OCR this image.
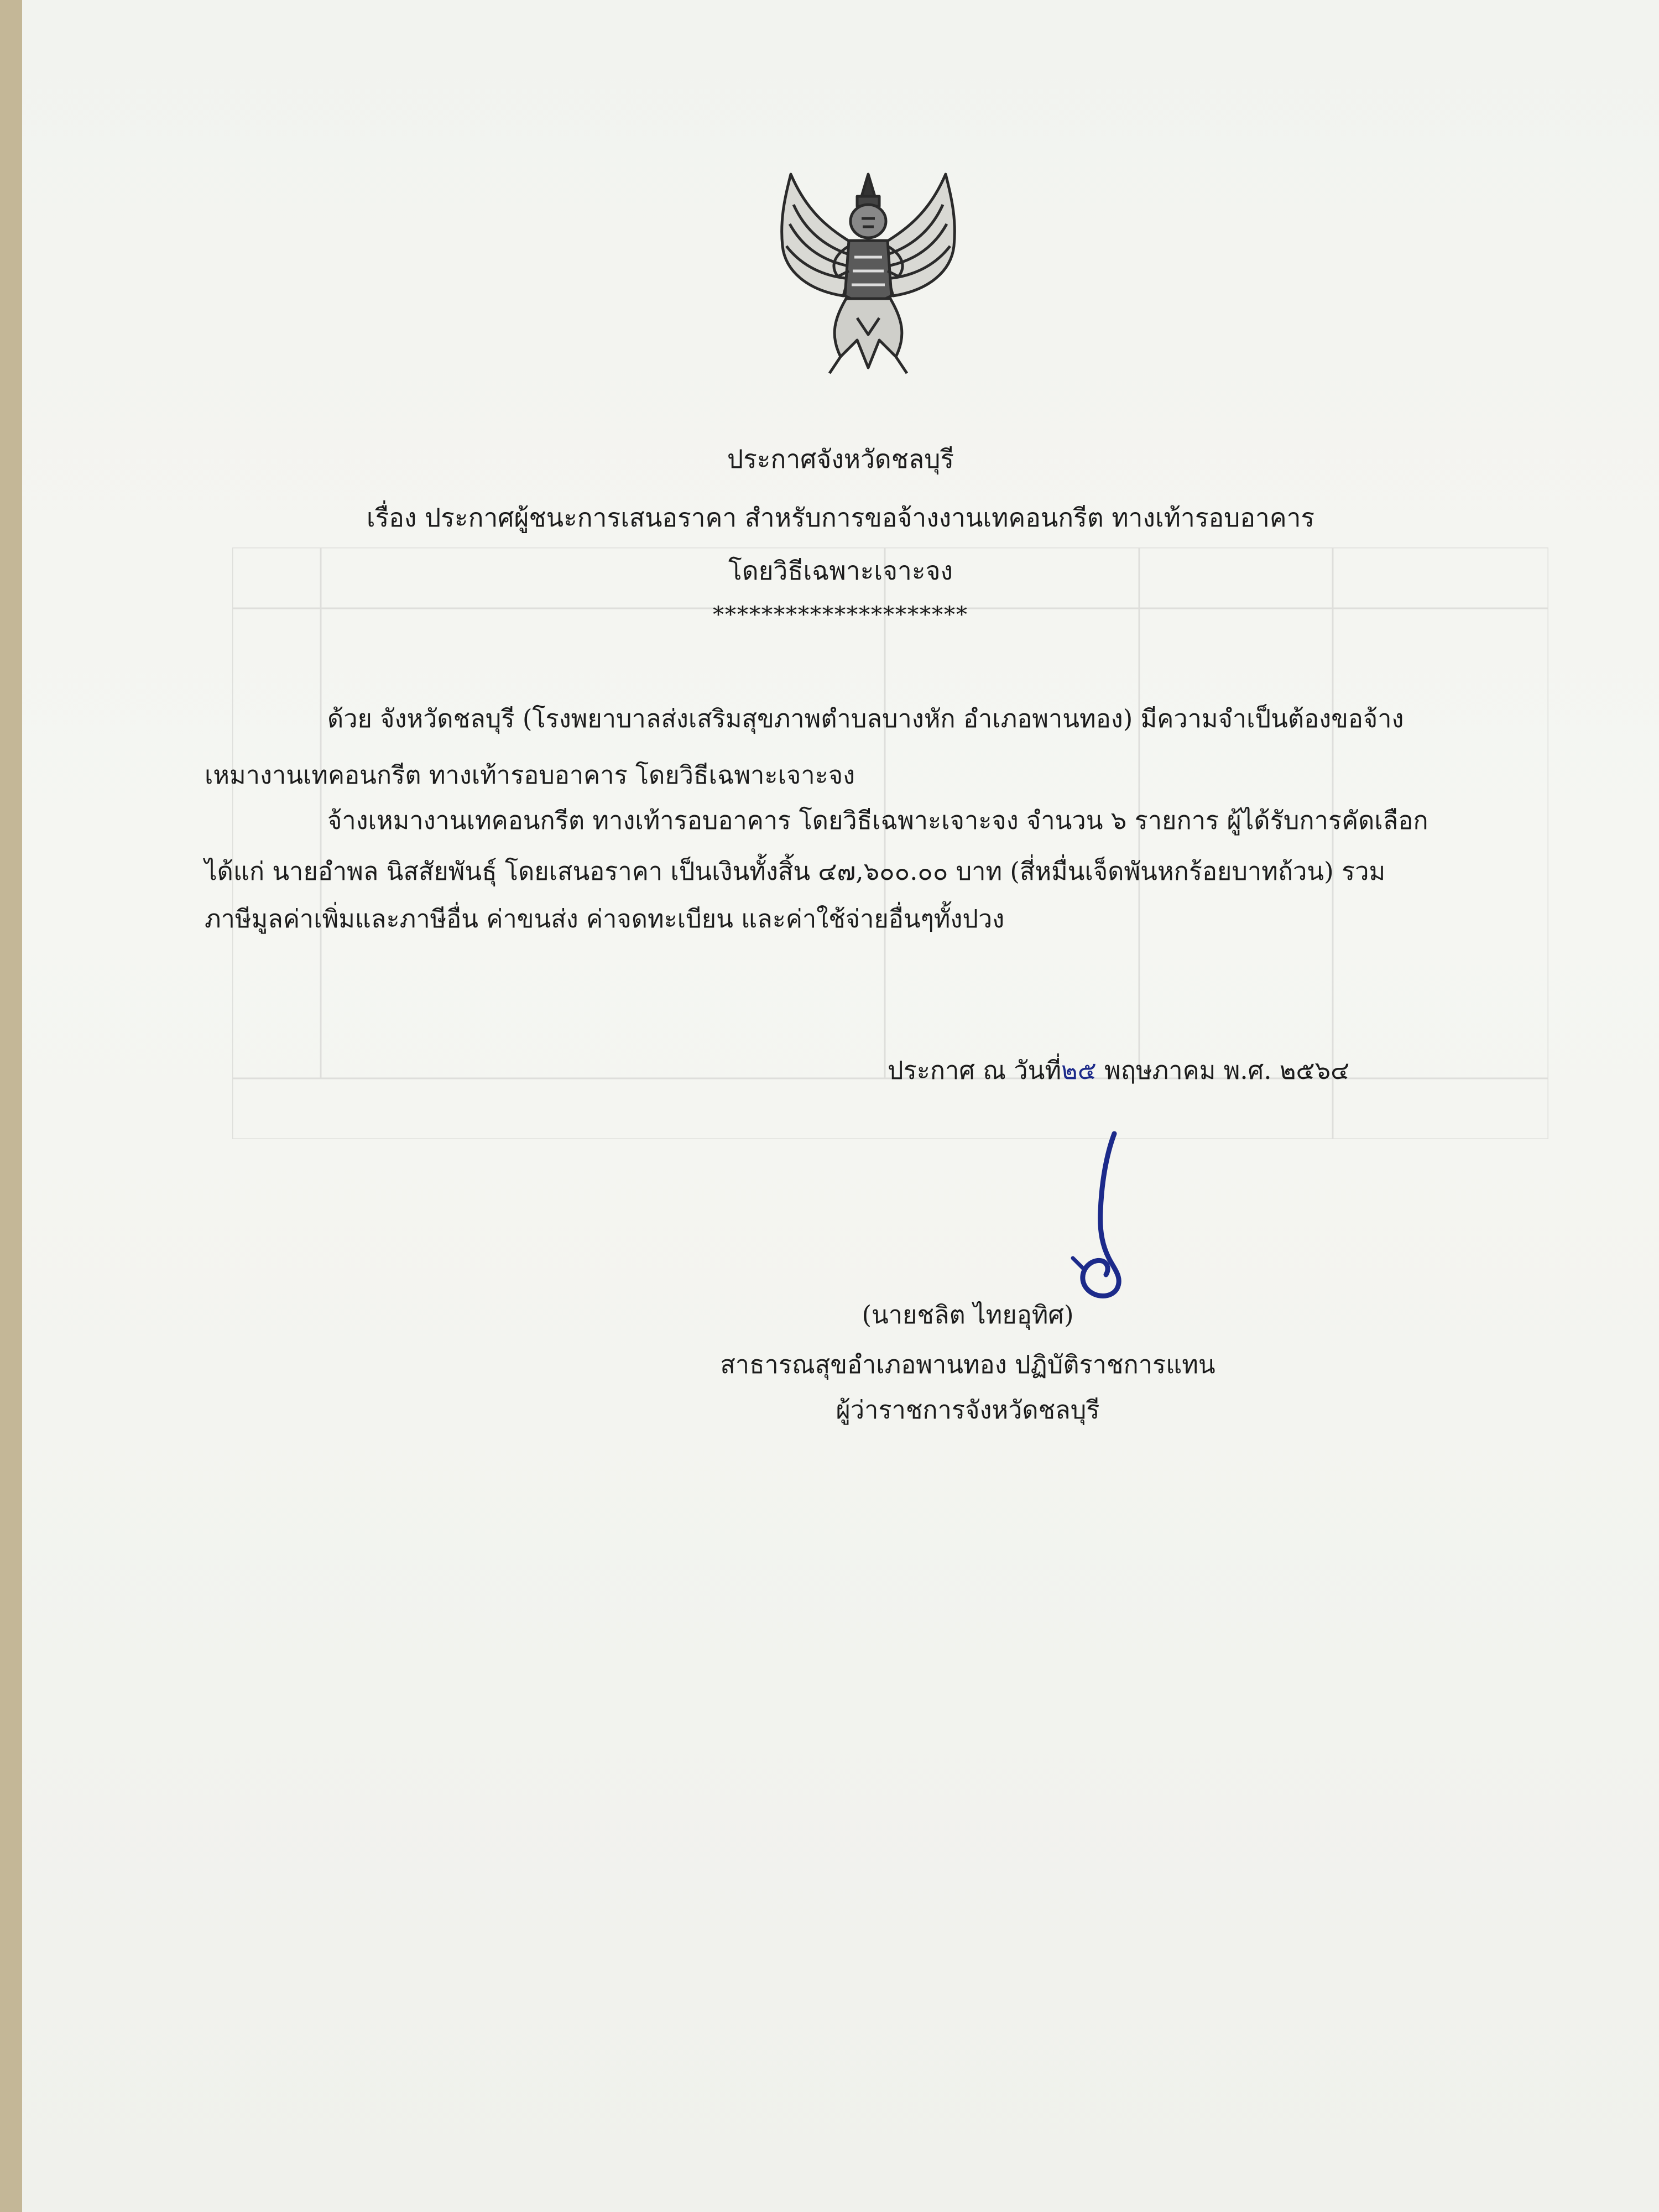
ประกาศจังหวัดชลบุรี
เรื่อง ประกาศผู้ชนะการเสนอราคา สำหรับการขอจ้างงานเทคอนกรีต ทางเท้ารอบอาคาร
โดยวิธีเฉพาะเจาะจง
*********************
ด้วย จังหวัดชลบุรี (โรงพยาบาลส่งเสริมสุขภาพตำบลบางหัก อำเภอพานทอง) มีความจำเป็นต้องขอจ้าง
เหมางานเทคอนกรีต ทางเท้ารอบอาคาร โดยวิธีเฉพาะเจาะจง
จ้างเหมางานเทคอนกรีต ทางเท้ารอบอาคาร โดยวิธีเฉพาะเจาะจง จำนวน ๖ รายการ ผู้ได้รับการคัดเลือก
ได้แก่ นายอำพล นิสสัยพันธุ์ โดยเสนอราคา เป็นเงินทั้งสิ้น ๔๗,๖๐๐.๐๐ บาท (สี่หมื่นเจ็ดพันหกร้อยบาทถ้วน) รวม
ภาษีมูลค่าเพิ่มและภาษีอื่น ค่าขนส่ง ค่าจดทะเบียน และค่าใช้จ่ายอื่นๆทั้งปวง
ประกาศ ณ วันที่๒๕ พฤษภาคม พ.ศ. ๒๕๖๔
(นายชลิต ไทยอุทิศ)
สาธารณสุขอำเภอพานทอง ปฏิบัติราชการแทน
ผู้ว่าราชการจังหวัดชลบุรี
